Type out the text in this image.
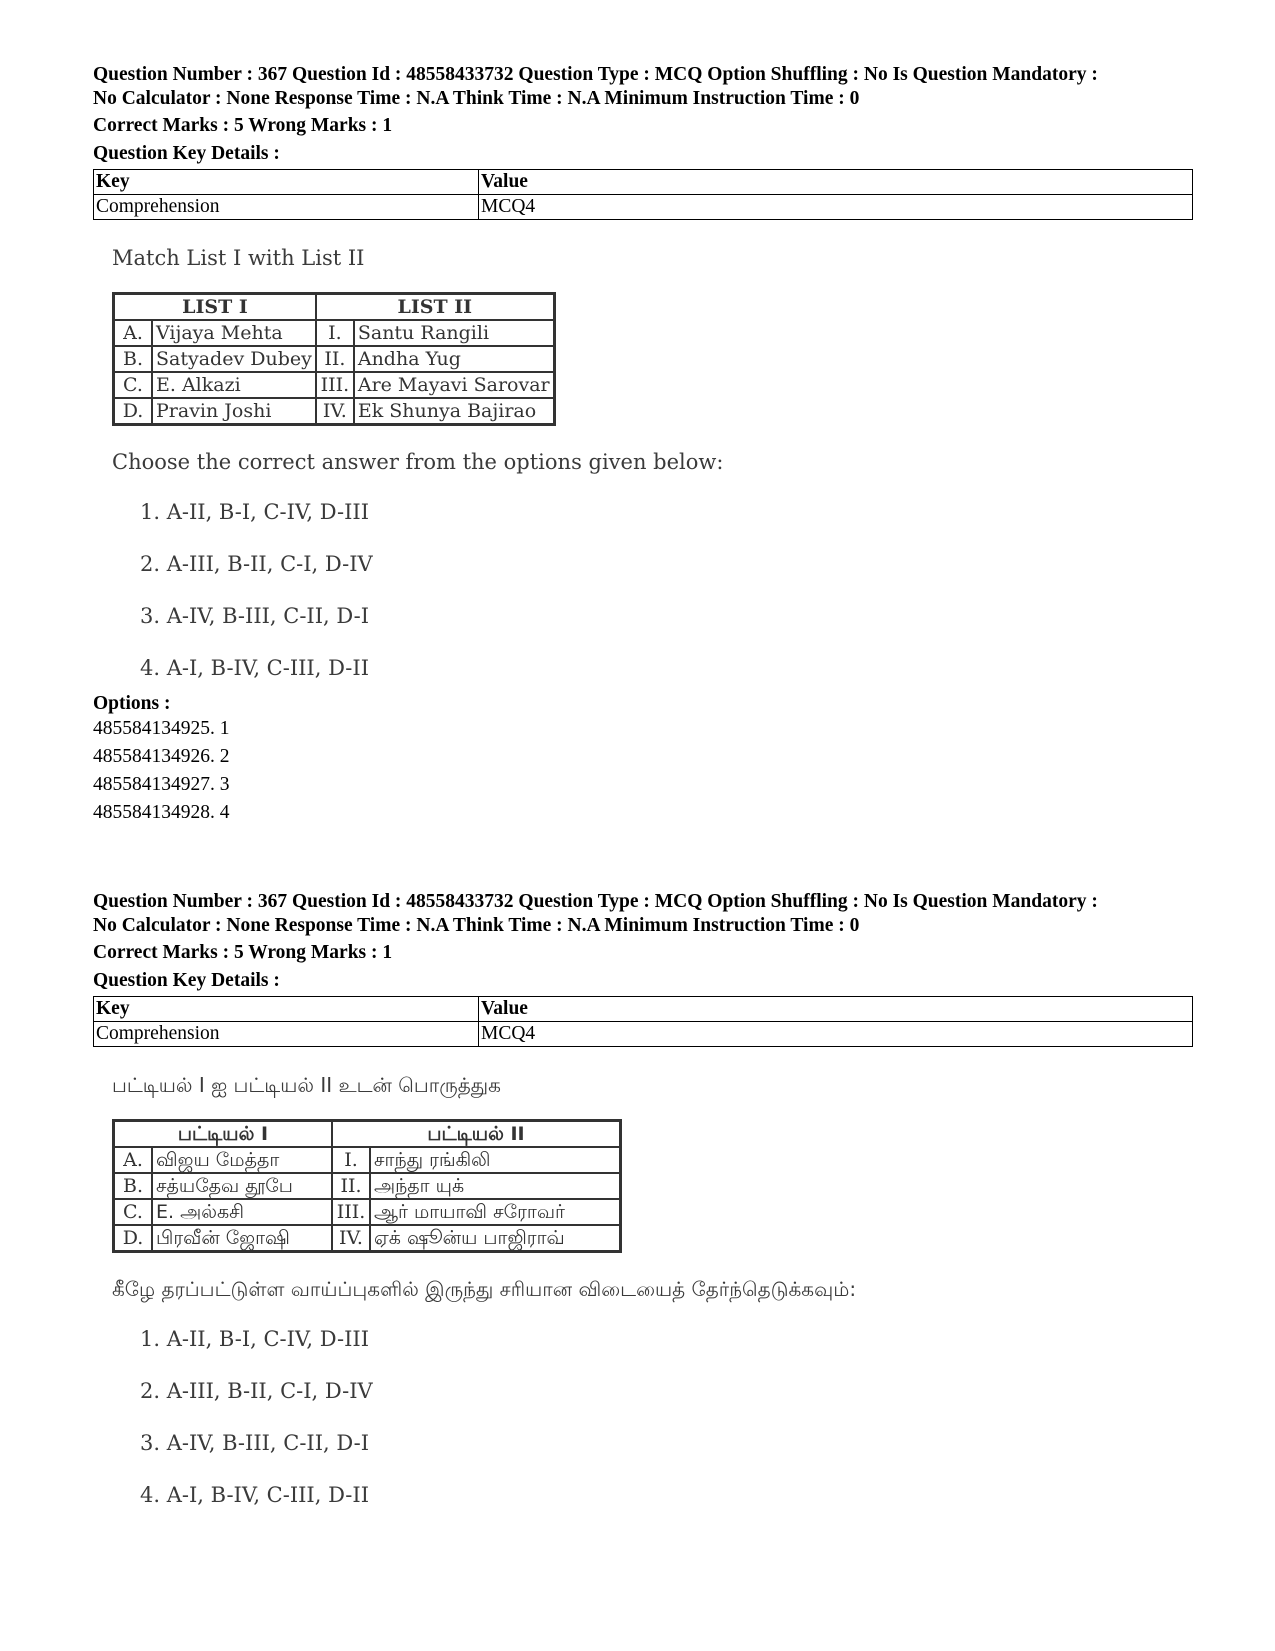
Question Number : 367 Question Id : 48558433732 Question Type : MCQ Option Shuffling : No Is Question Mandatory :
No Calculator : None Response Time : N.A Think Time : N.A Minimum Instruction Time : 0

Correct Marks : 5 Wrong Marks : 1

Question Key Details :

Key	Value
Comprehension	MCQ4

Match List I with List II

LIST I		LIST II	
A.	Vijaya Mehta	I.	Santu Rangili
B.	Satyadev Dubey	II.	Andha Yug
C.	E. Alkazi	III.	Are Mayavi Sarovar
D.	Pravin Joshi	IV.	Ek Shunya Bajirao

Choose the correct answer from the options given below:

1. A-II, B-I, C-IV, D-III
2. A-III, B-II, C-I, D-IV
3. A-IV, B-III, C-II, D-I
4. A-I, B-IV, C-III, D-II

Options :

485584134925. 1

485584134926. 2

485584134927. 3

485584134928. 4

Question Number : 367 Question Id : 48558433732 Question Type : MCQ Option Shuffling : No Is Question Mandatory :
No Calculator : None Response Time : N.A Think Time : N.A Minimum Instruction Time : 0

Correct Marks : 5 Wrong Marks : 1

Question Key Details :

Key	Value
Comprehension	MCQ4

பட்டியல் I ஐ பட்டியல் II உடன் பொருத்துக

பட்டியல் I		பட்டியல் II	
A.	விஜய மேத்தா	I.	சாந்து ரங்கிலி
B.	சத்யதேவ தூபே	II.	அந்தா யுக்
C.	E. அல்கசி	III.	ஆர் மாயாவி சரோவர்
D.	பிரவீன் ஜோஷி	IV.	ஏக் ஷூன்ய பாஜிராவ்

கீழே தரப்பட்டுள்ள வாய்ப்புகளில் இருந்து சரியான விடையைத் தேர்ந்தெடுக்கவும்:

1. A-II, B-I, C-IV, D-III
2. A-III, B-II, C-I, D-IV
3. A-IV, B-III, C-II, D-I
4. A-I, B-IV, C-III, D-II
